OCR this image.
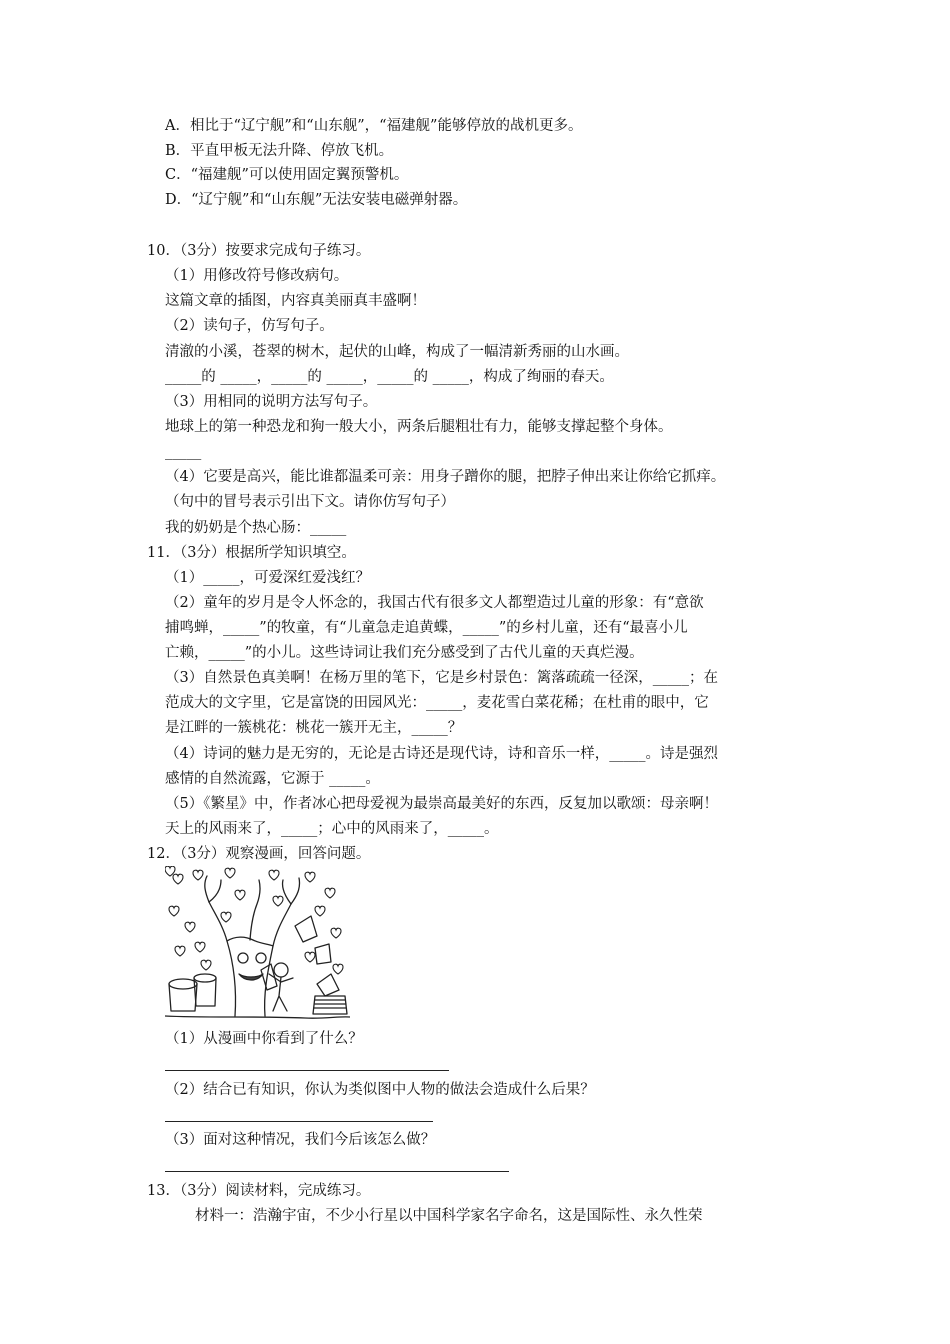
A．相比于“辽宁舰”和“山东舰”，“福建舰”能够停放的战机更多。
B．平直甲板无法升降、停放飞机。
C．“福建舰”可以使用固定翼预警机。
D．“辽宁舰”和“山东舰”无法安装电磁弹射器。
10．（3分）按要求完成句子练习。
（1）用修改符号修改病句。
这篇文章的插图，内容真美丽真丰盛啊！
（2）读句子，仿写句子。
清澈的小溪，苍翠的树木，起伏的山峰，构成了一幅清新秀丽的山水画。
_____的 _____，_____的 _____，_____的 _____，构成了绚丽的春天。
（3）用相同的说明方法写句子。
地球上的第一种恐龙和狗一般大小，两条后腿粗壮有力，能够支撑起整个身体。
_____
（4）它要是高兴，能比谁都温柔可亲：用身子蹭你的腿，把脖子伸出来让你给它抓痒。
（句中的冒号表示引出下文。请你仿写句子）
我的奶奶是个热心肠：_____
11．（3分）根据所学知识填空。
（1）_____，可爱深红爱浅红？
（2）童年的岁月是令人怀念的，我国古代有很多文人都塑造过儿童的形象：有“意欲
捕鸣蝉，_____”的牧童，有“儿童急走追黄蝶，_____”的乡村儿童，还有“最喜小儿
亡赖，_____”的小儿。这些诗词让我们充分感受到了古代儿童的天真烂漫。
（3）自然景色真美啊！在杨万里的笔下，它是乡村景色：篱落疏疏一径深，_____；在
范成大的文字里，它是富饶的田园风光：_____，麦花雪白菜花稀；在杜甫的眼中，它
是江畔的一簇桃花：桃花一簇开无主，_____？
（4）诗词的魅力是无穷的，无论是古诗还是现代诗，诗和音乐一样，_____。诗是强烈
感情的自然流露，它源于 _____。
（5）《繁星》中，作者冰心把母爱视为最崇高最美好的东西，反复加以歌颂：母亲啊！
天上的风雨来了，_____；心中的风雨来了，_____。
12．（3分）观察漫画，回答问题。
（1）从漫画中你看到了什么？
（2）结合已有知识，你认为类似图中人物的做法会造成什么后果？
（3）面对这种情况，我们今后该怎么做？
13．（3分）阅读材料，完成练习。
材料一：浩瀚宇宙，不少小行星以中国科学家名字命名，这是国际性、永久性荣
